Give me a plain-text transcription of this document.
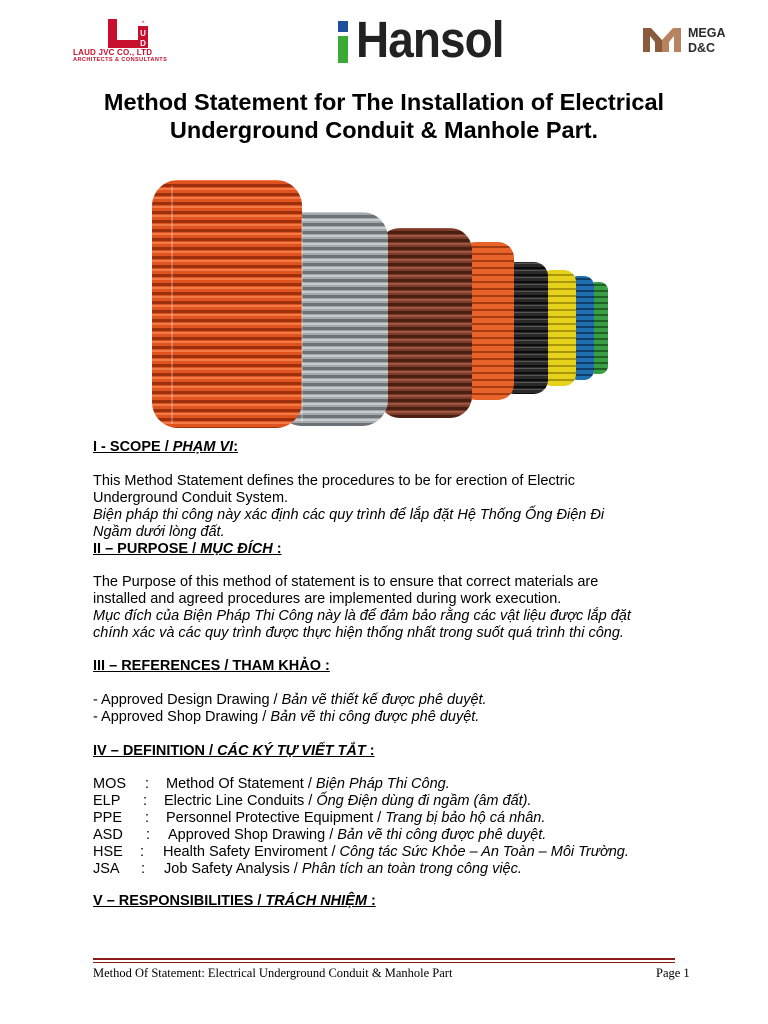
^
U
D
LAUD JVC CO., LTD
ARCHITECTS & CONSULTANTS	Hansol	MEGA
D&C
Method Statement for The Installation of Electrical Underground Conduit & Manhole Part.
I - SCOPE / PHẠM VI:
This Method Statement defines the procedures to be for erection of Electric
Underground Conduit System.
Biện pháp thi công này xác định các quy trình để lắp đặt Hệ Thống Ống Điện Đi
Ngầm dưới lòng đất.
II – PURPOSE / MỤC ĐÍCH :
The Purpose of this method of statement is to ensure that correct materials are
installed and agreed procedures are implemented during work execution.
Mục đích của Biện Pháp Thi Công này là để đảm bảo rằng các vật liệu được lắp đặt
chính xác và các quy trình được thực hiện thống nhất trong suốt quá trình thi công.
III – REFERENCES / THAM KHẢO :
- Approved Design Drawing / Bản vẽ thiết kế được phê duyệt.
- Approved Shop Drawing / Bản vẽ thi công được phê duyệt.
IV – DEFINITION / CÁC KÝ TỰ VIẾT TẮT :
MOS : Method Of Statement / Biện Pháp Thi Công.
ELP : Electric Line Conduits / Ống Điện dùng đi ngầm (âm đất).
PPE : Personnel Protective Equipment / Trang bị bảo hộ cá nhân.
ASD : Approved Shop Drawing / Bản vẽ thi công được phê duyệt.
HSE : Health Safety Enviroment / Công tác Sức Khỏe – An Toàn – Môi Trường.
JSA : Job Safety Analysis / Phân tích an toàn trong công việc.
V – RESPONSIBILITIES / TRÁCH NHIỆM :
Method Of Statement: Electrical Underground Conduit & Manhole Part	Page 1
